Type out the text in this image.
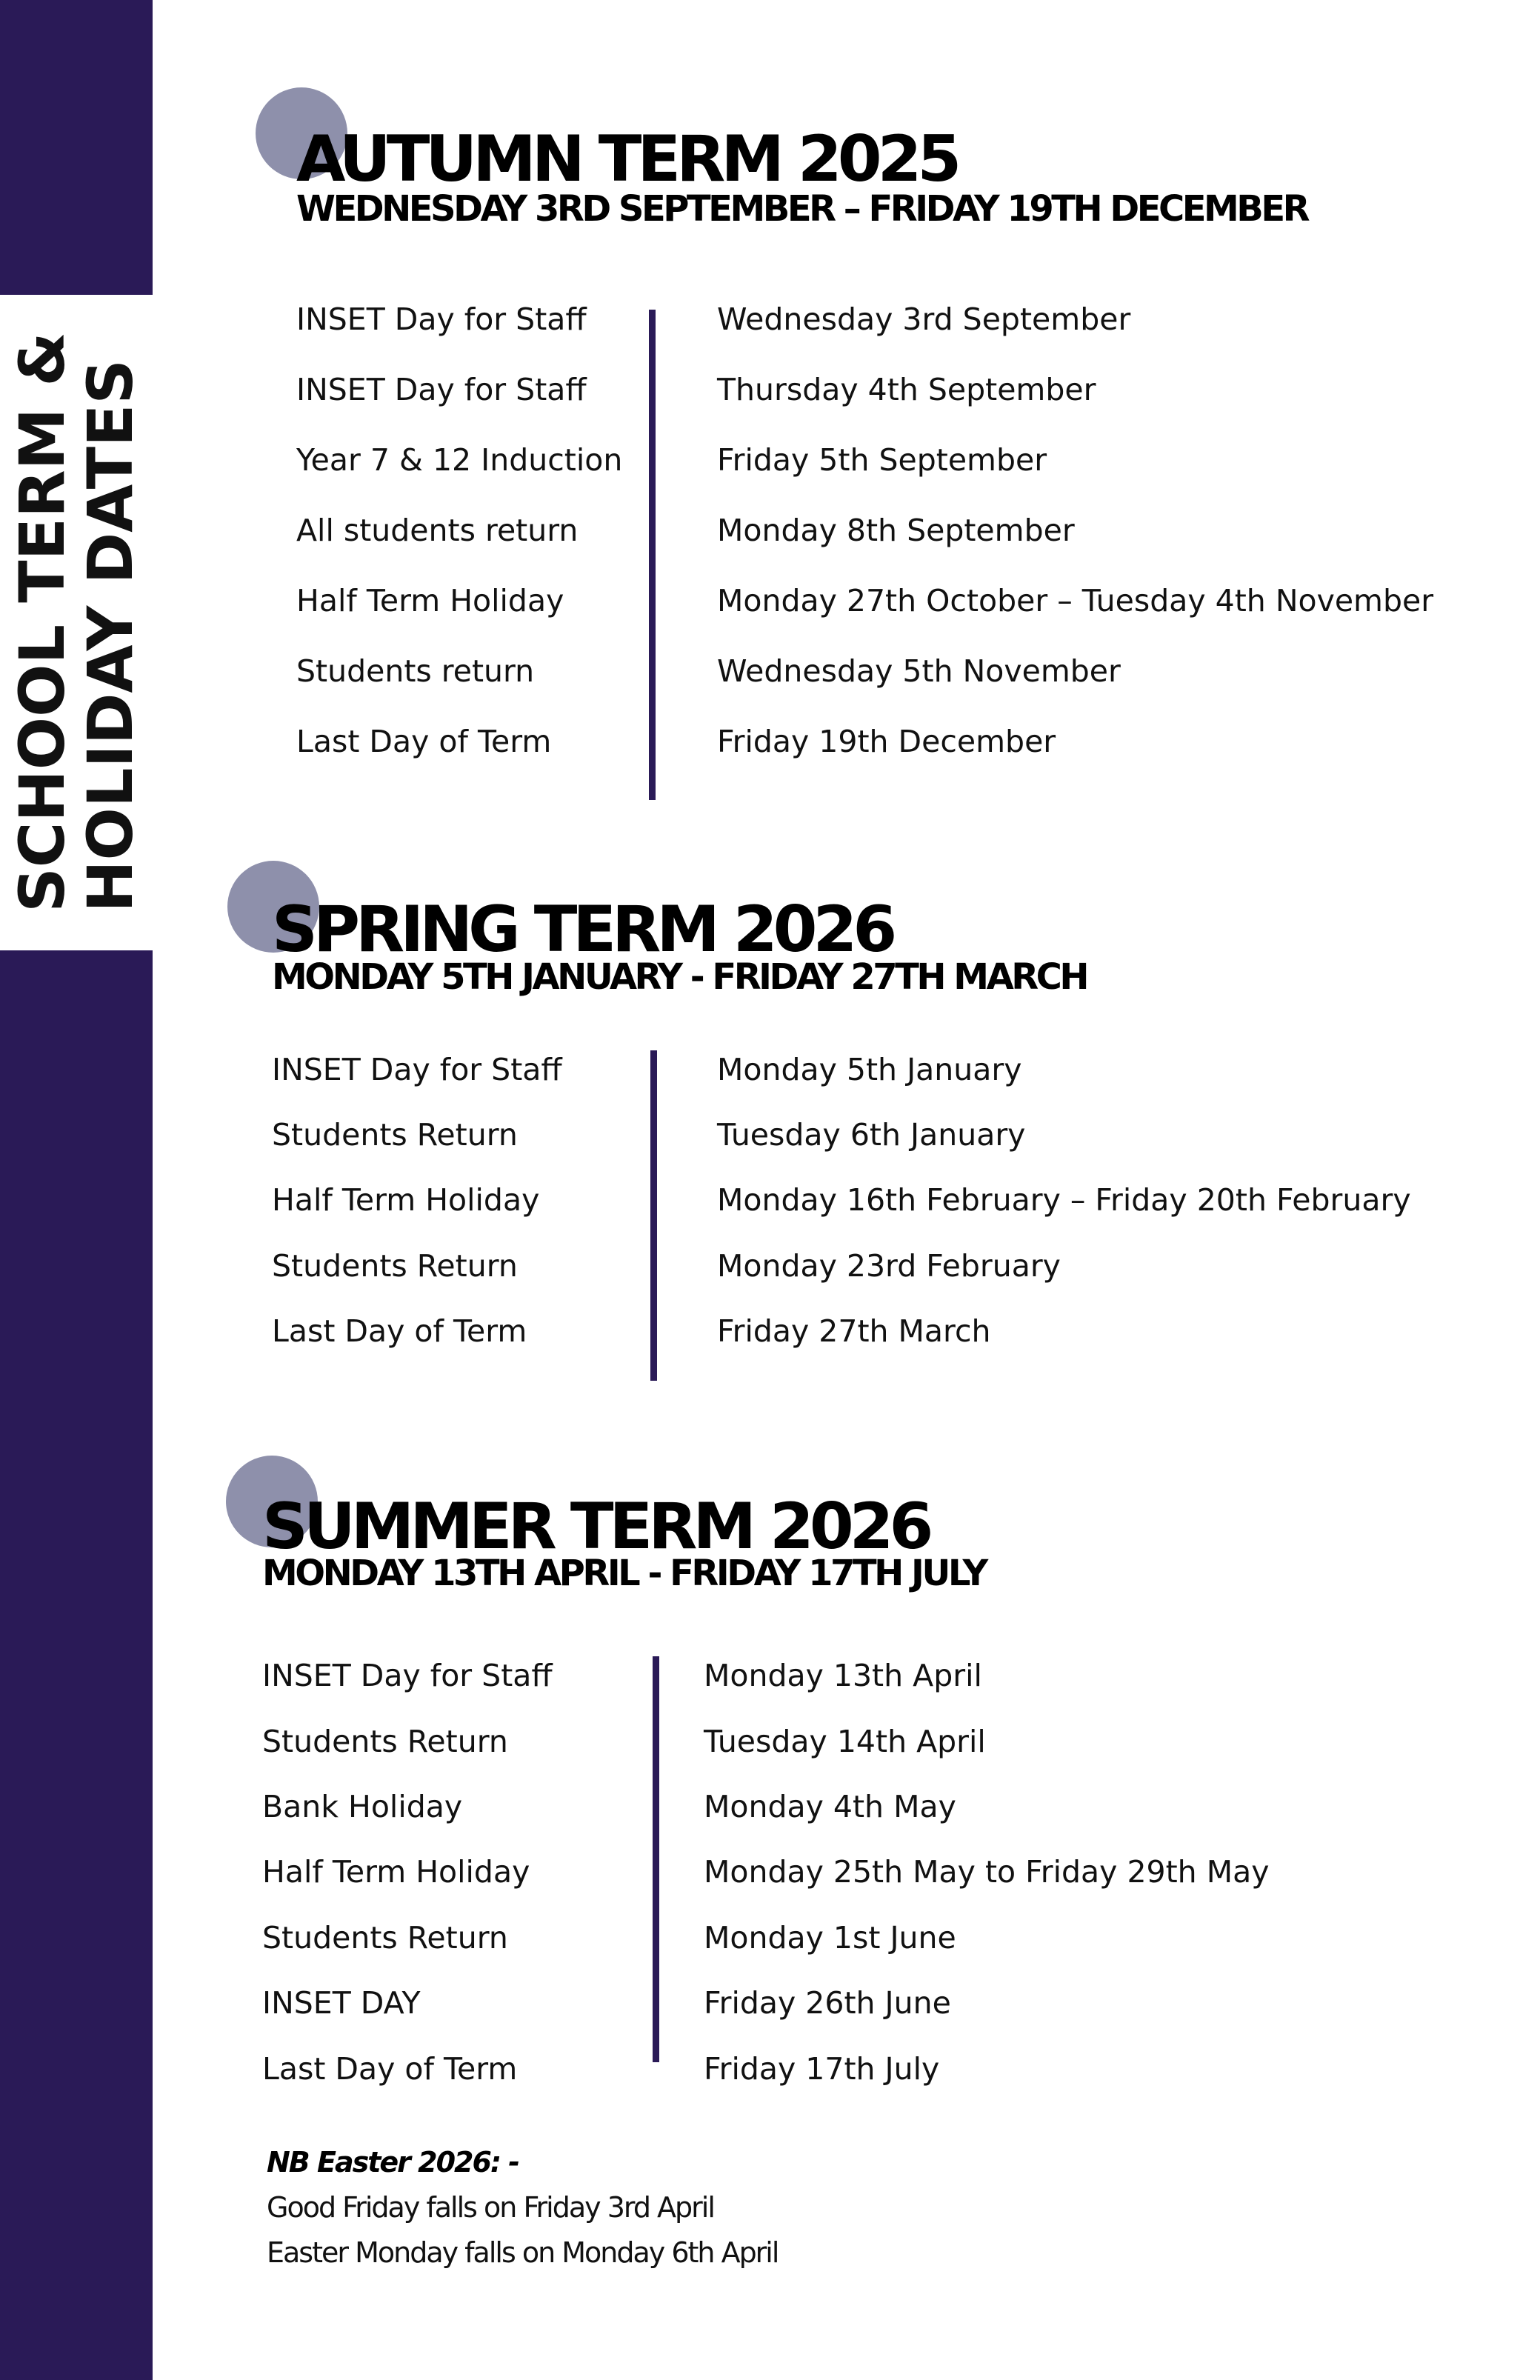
SCHOOL TERM &
HOLIDAY DATES
AUTUMN TERM 2025
WEDNESDAY 3RD SEPTEMBER – FRIDAY 19TH DECEMBER
INSET Day for Staff	Wednesday 3rd September
INSET Day for Staff	Thursday 4th September
Year 7 & 12 Induction	Friday 5th September
All students return	Monday 8th September
Half Term Holiday	Monday 27th October – Tuesday 4th November
Students return	Wednesday 5th November
Last Day of Term	Friday 19th December
SPRING TERM 2026
MONDAY 5TH JANUARY - FRIDAY 27TH MARCH
INSET Day for Staff	Monday 5th January
Students Return	Tuesday 6th January
Half Term Holiday	Monday 16th February – Friday 20th February
Students Return	Monday 23rd February
Last Day of Term	Friday 27th March
SUMMER TERM 2026
MONDAY 13TH APRIL - FRIDAY 17TH JULY
INSET Day for Staff	Monday 13th April
Students Return	Tuesday 14th April
Bank Holiday	Monday 4th May
Half Term Holiday	Monday 25th May to Friday 29th May
Students Return	Monday 1st June
INSET DAY	Friday 26th June
Last Day of Term	Friday 17th July
NB Easter 2026: -
Good Friday falls on Friday 3rd April
Easter Monday falls on Monday 6th April
